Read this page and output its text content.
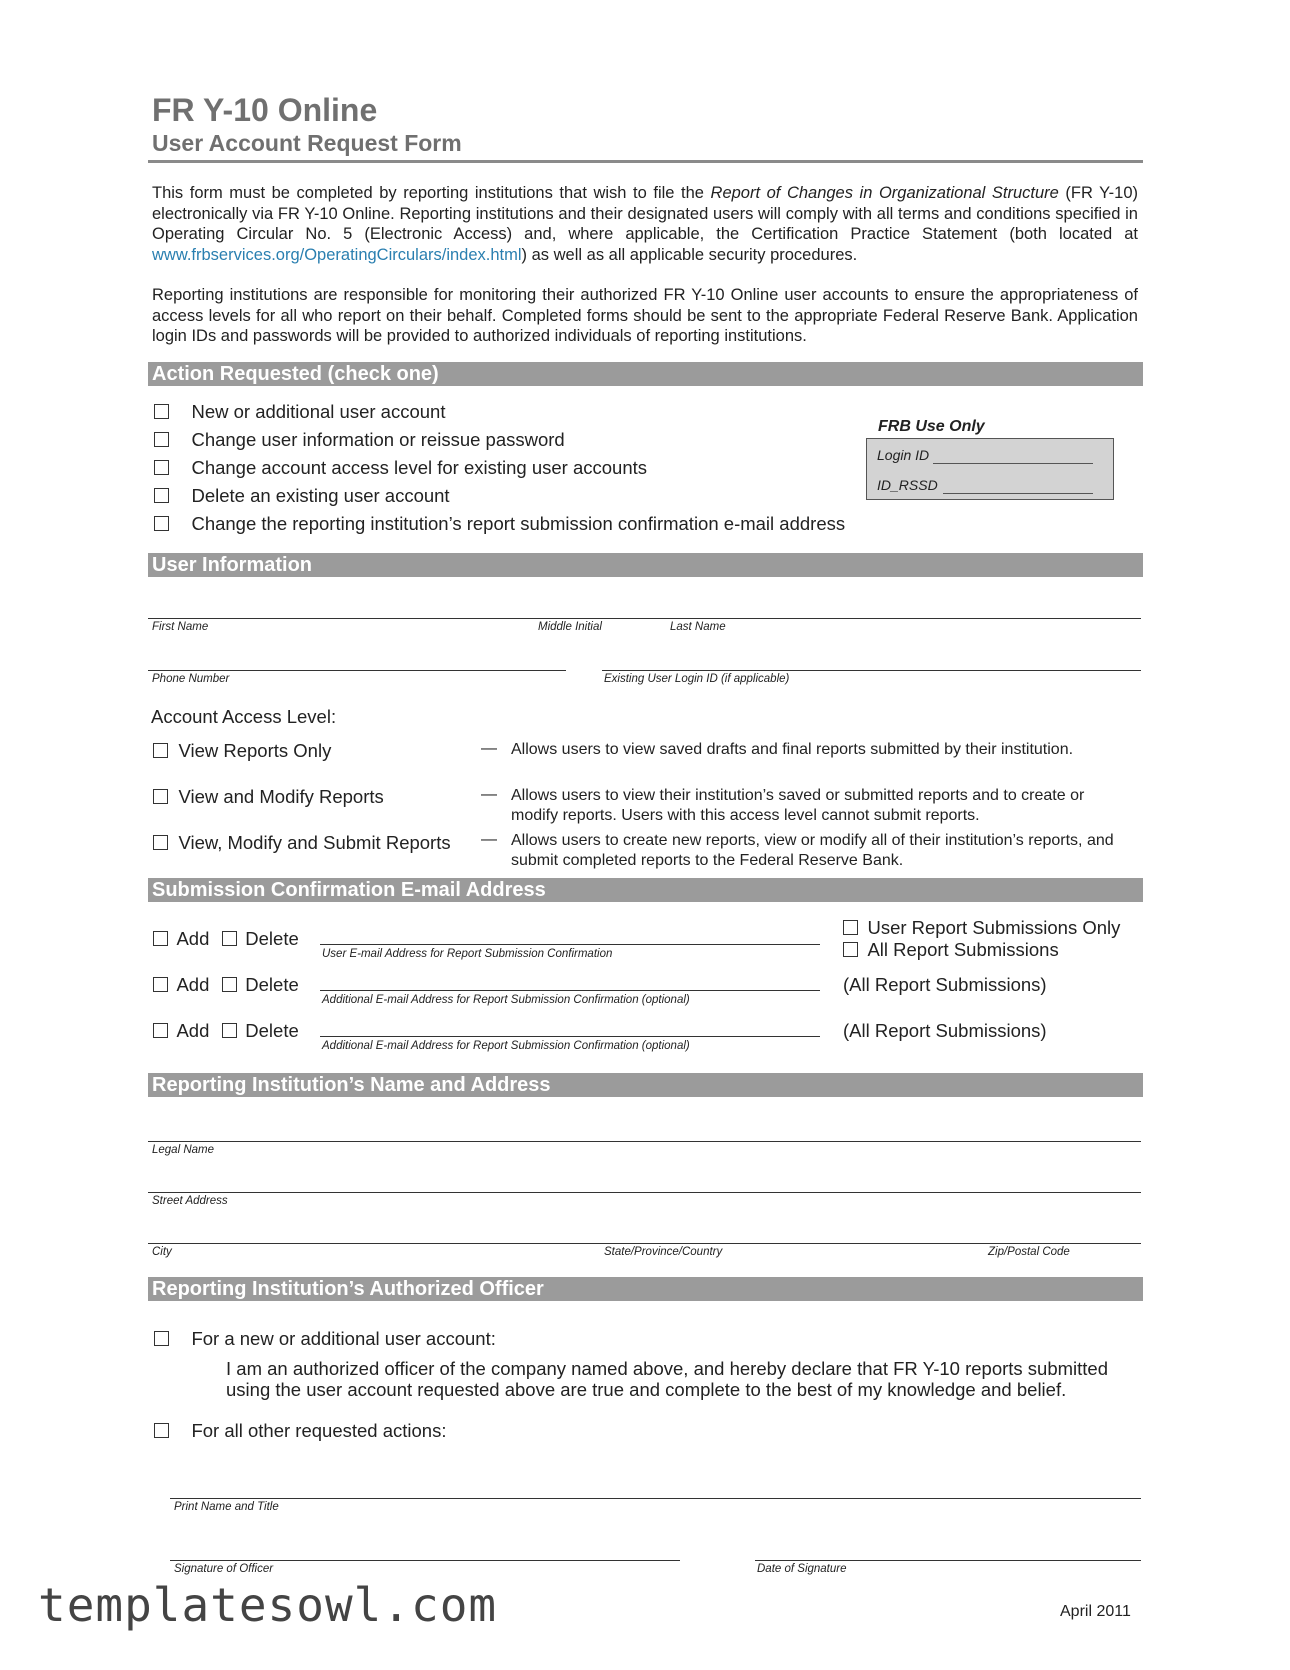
FR Y-10 Online
User Account Request Form
This form must be completed by reporting institutions that wish to file the Report of Changes in Organizational Structure (FR Y-10) electronically via FR Y-10 Online. Reporting institutions and their designated users will comply with all terms and conditions specified in Operating Circular No. 5 (Electronic Access) and, where applicable, the Certification Practice Statement (both located at www.frbservices.org/OperatingCirculars/index.html) as well as all applicable security procedures.
Reporting institutions are responsible for monitoring their authorized FR Y-10 Online user accounts to ensure the appropriateness of access levels for all who report on their behalf. Completed forms should be sent to the appropriate Federal Reserve Bank. Application login IDs and passwords will be provided to authorized individuals of reporting institutions.
Action Requested (check one)
New or additional user account
Change user information or reissue password
Change account access level for existing user accounts
Delete an existing user account
Change the reporting institution’s report submission confirmation e-mail address
FRB Use Only
Login ID
ID_RSSD
User Information
First Name	Middle Initial	Last Name
Phone Number	Existing User Login ID (if applicable)
Account Access Level:
View Reports Only	— Allows users to view saved drafts and final reports submitted by their institution.
View and Modify Reports	— Allows users to view their institution’s saved or submitted reports and to create or modify reports. Users with this access level cannot submit reports.
View, Modify and Submit Reports — Allows users to create new reports, view or modify all of their institution’s reports, and submit completed reports to the Federal Reserve Bank.
Submission Confirmation E-mail Address
Add Delete
User E-mail Address for Report Submission Confirmation
User Report Submissions Only
All Report Submissions
Add Delete
Additional E-mail Address for Report Submission Confirmation (optional)
(All Report Submissions)
Add Delete
Additional E-mail Address for Report Submission Confirmation (optional)
(All Report Submissions)
Reporting Institution’s Name and Address
Legal Name
Street Address
City	State/Province/Country	Zip/Postal Code
Reporting Institution’s Authorized Officer
For a new or additional user account:
I am an authorized officer of the company named above, and hereby declare that FR Y-10 reports submitted using the user account requested above are true and complete to the best of my knowledge and belief.
For all other requested actions:
Print Name and Title
Signature of Officer	Date of Signature
templatesowl.com	April 2011
